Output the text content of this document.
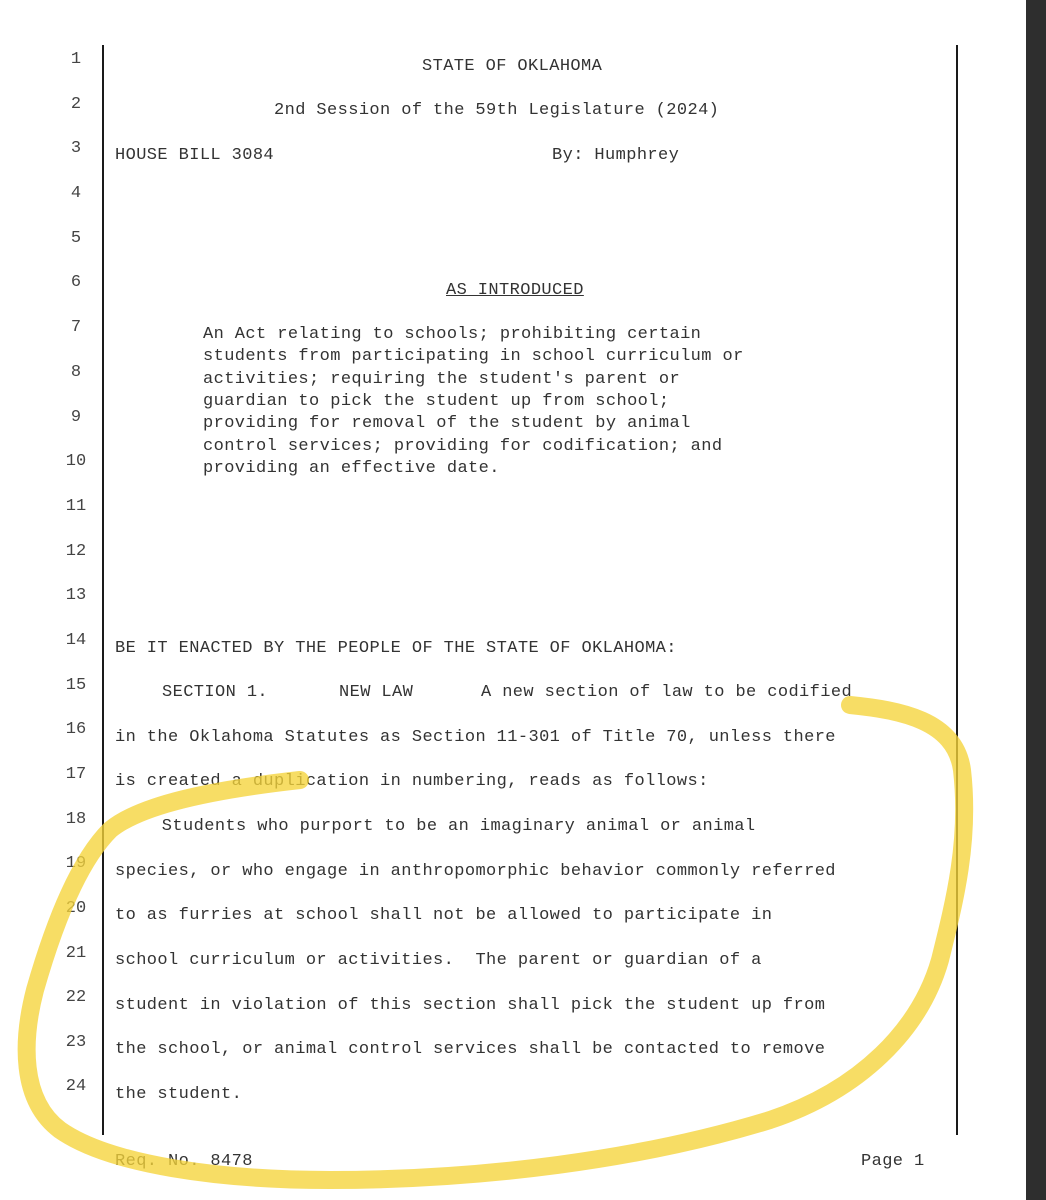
1
2
3
4
5
6
7
8
9
10
11
12
13
14
15
16
17
18
19
20
21
22
23
24
STATE OF OKLAHOMA
2nd Session of the 59th Legislature (2024)
HOUSE BILL 3084	By: Humphrey
AS INTRODUCED
An Act relating to schools; prohibiting certain
students from participating in school curriculum or
activities; requiring the student's parent or
guardian to pick the student up from school;
providing for removal of the student by animal
control services; providing for codification; and
providing an effective date.
BE IT ENACTED BY THE PEOPLE OF THE STATE OF OKLAHOMA:
SECTION 1.	NEW LAW	A new section of law to be codified
in the Oklahoma Statutes as Section 11-301 of Title 70, unless there
is created a duplication in numbering, reads as follows:
Students who purport to be an imaginary animal or animal
species, or who engage in anthropomorphic behavior commonly referred
to as furries at school shall not be allowed to participate in
school curriculum or activities.  The parent or guardian of a
student in violation of this section shall pick the student up from
the school, or animal control services shall be contacted to remove
the student.
Req. No. 8478	Page 1
